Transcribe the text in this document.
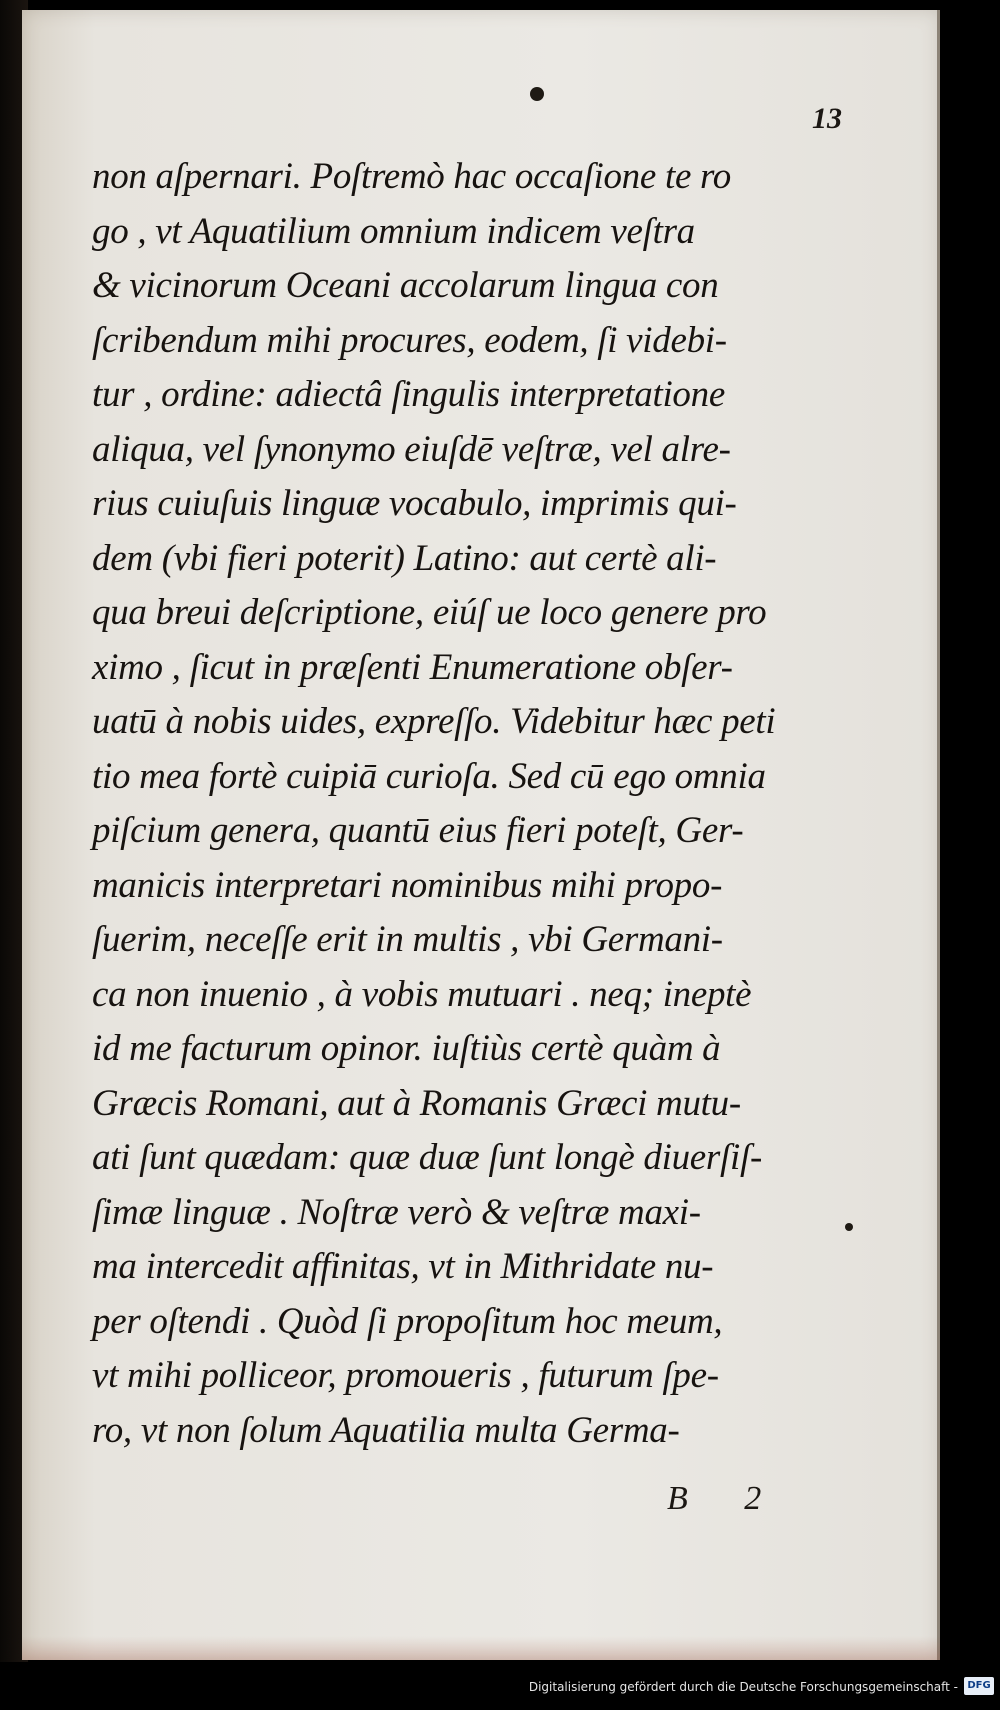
13
non aſpernari. Poſtremò hac occaſione te ro
go , vt Aquatilium omnium indicem veſtra
& vicinorum Oceani accolarum lingua con
ſcribendum mihi procures, eodem, ſi videbi-
tur , ordine: adiectâ ſingulis interpretatione
aliqua, vel ſynonymo eiuſdē veſtræ, vel alre-
rius cuiuſuis linguæ vocabulo, imprimis qui-
dem (vbi fieri poterit) Latino: aut certè ali-
qua breui deſcriptione, eiúſ ue loco genere pro
ximo , ſicut in præſenti Enumeratione obſer-
uatū à nobis uides, expreſſo. Videbitur hæc peti
tio mea fortè cuipiā curioſa. Sed cū ego omnia
piſcium genera, quantū eius fieri poteſt, Ger-
manicis interpretari nominibus mihi propo-
ſuerim, neceſſe erit in multis , vbi Germani-
ca non inuenio , à vobis mutuari . neq; ineptè
id me facturum opinor. iuſtiùs certè quàm à
Græcis Romani, aut à Romanis Græci mutu-
ati ſunt quædam: quæ duæ ſunt longè diuerſiſ-
ſimæ linguæ . Noſtræ verò & veſtræ maxi-
ma intercedit affinitas, vt in Mithridate nu-
per oſtendi . Quòd ſi propoſitum hoc meum,
vt mihi polliceor, promoueris , futurum ſpe-
ro, vt non ſolum Aquatilia multa Germa-
B 2
Digitalisierung gefördert durch die Deutsche Forschungsgemeinschaft - DFG
